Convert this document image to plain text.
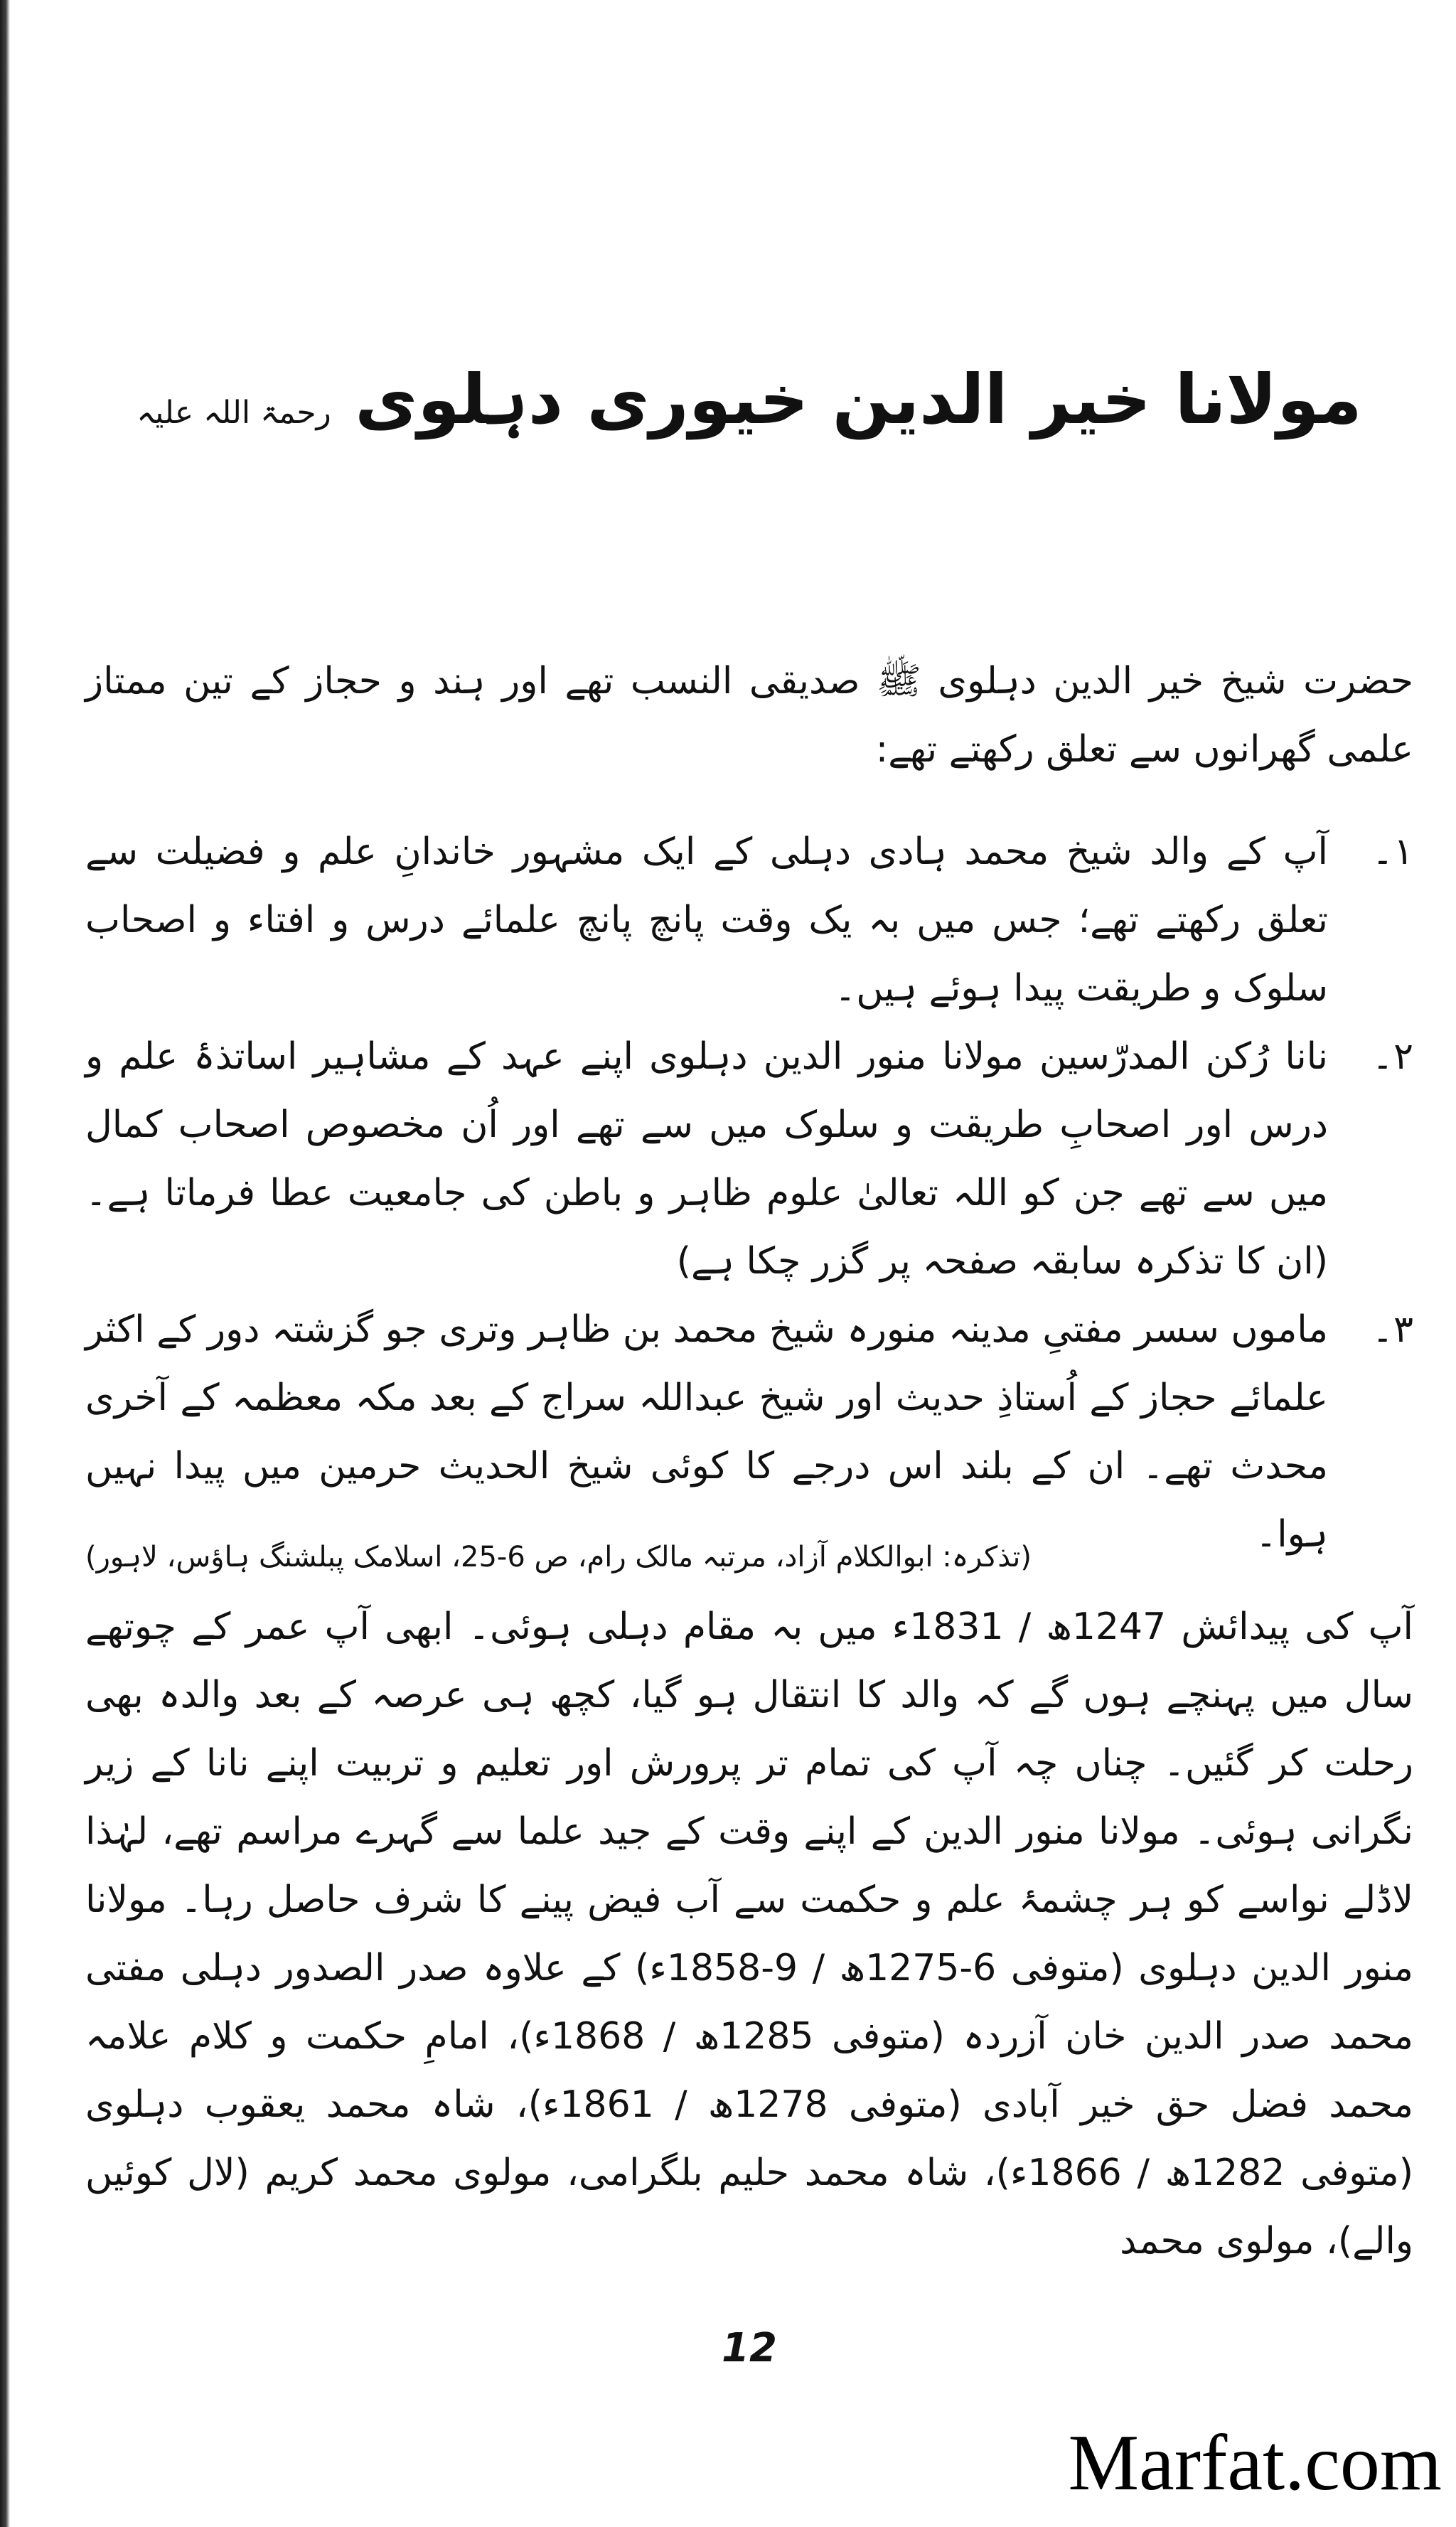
مولانا خیر الدین خیوری دہلوی رحمۃ اللہ علیہ

حضرت شیخ خیر الدین دہلوی ﷺ صدیقی النسب تھے اور ہند و حجاز کے تین ممتاز علمی گھرانوں سے تعلق رکھتے تھے:

۱۔
آپ کے والد شیخ محمد ہادی دہلی کے ایک مشہور خاندانِ علم و فضیلت سے تعلق رکھتے تھے؛ جس میں بہ یک وقت پانچ پانچ علمائے درس و افتاء و اصحاب سلوک و طریقت پیدا ہوئے ہیں۔
۲۔
نانا رُکن المدرّسین مولانا منور الدین دہلوی اپنے عہد کے مشاہیر اساتذۂ علم و درس اور اصحابِ طریقت و سلوک میں سے تھے اور اُن مخصوص اصحاب کمال میں سے تھے جن کو اللہ تعالیٰ علوم ظاہر و باطن کی جامعیت عطا فرماتا ہے۔ (ان کا تذکرہ سابقہ صفحہ پر گزر چکا ہے)
۳۔
ماموں سسر مفتیِ مدینہ منورہ شیخ محمد بن ظاہر وتری جو گزشتہ دور کے اکثر علمائے حجاز کے اُستاذِ حدیث اور شیخ عبداللہ سراج کے بعد مکہ معظمہ کے آخری محدث تھے۔ ان کے بلند اس درجے کا کوئی شیخ الحدیث حرمین میں پیدا نہیں ہوا۔
(تذکرہ: ابوالکلام آزاد، مرتبہ مالک رام، ص 6-25، اسلامک پبلشنگ ہاؤس، لاہور)

آپ کی پیدائش 1247ھ / 1831ء میں بہ مقام دہلی ہوئی۔ ابھی آپ عمر کے چوتھے سال میں پہنچے ہوں گے کہ والد کا انتقال ہو گیا، کچھ ہی عرصہ کے بعد والدہ بھی رحلت کر گئیں۔ چناں چہ آپ کی تمام تر پرورش اور تعلیم و تربیت اپنے نانا کے زیر نگرانی ہوئی۔ مولانا منور الدین کے اپنے وقت کے جید علما سے گہرے مراسم تھے، لہٰذا لاڈلے نواسے کو ہر چشمۂ علم و حکمت سے آب فیض پینے کا شرف حاصل رہا۔ مولانا منور الدین دہلوی (متوفی 6-1275ھ / 9-1858ء) کے علاوہ صدر الصدور دہلی مفتی محمد صدر الدین خان آزردہ (متوفی 1285ھ / 1868ء)، امامِ حکمت و کلام علامہ محمد فضل حق خیر آبادی (متوفی 1278ھ / 1861ء)، شاہ محمد یعقوب دہلوی (متوفی 1282ھ / 1866ء)، شاہ محمد حلیم بلگرامی، مولوی محمد کریم (لال کوئیں والے)، مولوی محمد

12
Marfat.com
